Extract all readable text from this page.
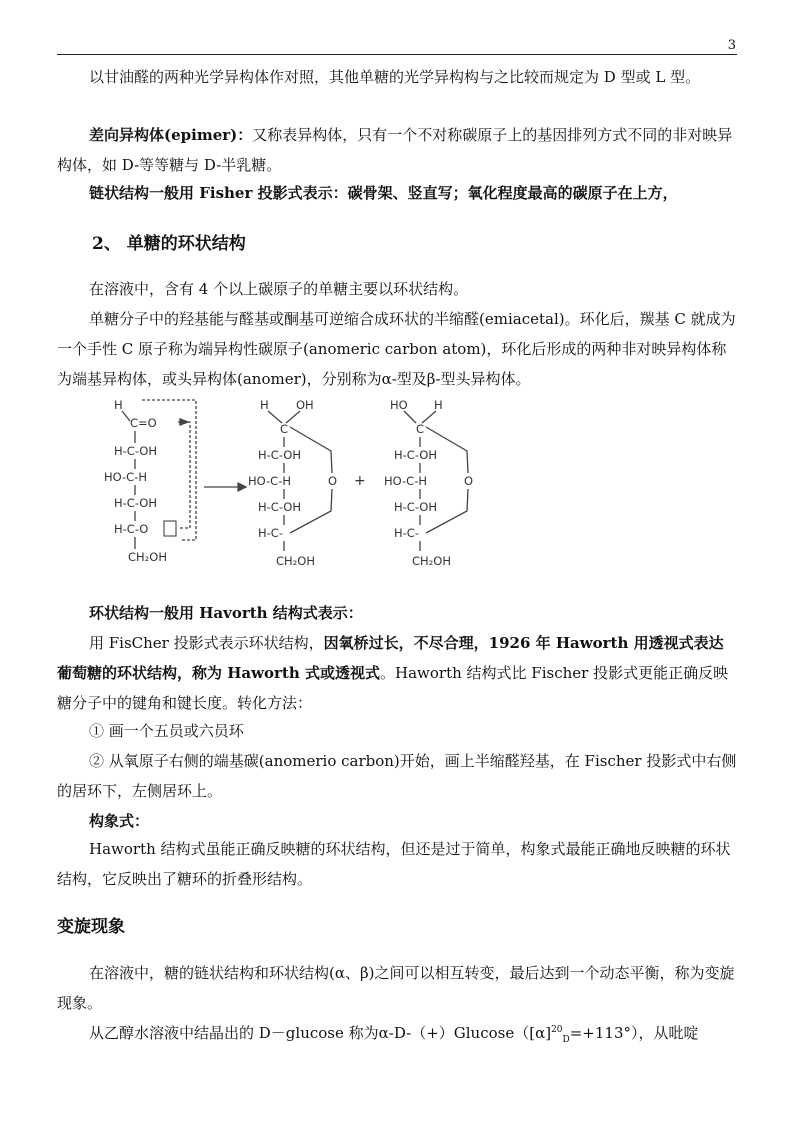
3

以甘油醛的两种光学异构体作对照，其他单糖的光学异构构与之比较而规定为 D 型或 L 型。

差向异构体(epimer)：又称表异构体，只有一个不对称碳原子上的基因排列方式不同的非对映异构体，如 D-等等糖与 D-半乳糖。

链状结构一般用 Fisher 投影式表示：碳骨架、竖直写；氧化程度最高的碳原子在上方，

2、 单糖的环状结构

在溶液中，含有 4 个以上碳原子的单糖主要以环状结构。

单糖分子中的羟基能与醛基或酮基可逆缩合成环状的半缩醛(emiacetal)。环化后，羰基 C 就成为一个手性 C 原子称为端异构性碳原子(anomeric carbon atom)，环化后形成的两种非对映异构体称为端基异构体，或头异构体(anomer)，分别称为α-型及β-型头异构体。

H
C=O
H-C-OH
HO-C-H
H-C-OH
H-C-O
CH₂OH
H OH
C
H-C-OH
HO-C-H
H-C-OH
H-C-
CH₂OH
O +
HO H
C
H-C-OH
HO-C-H
H-C-OH
H-C-
CH₂OH
O

环状结构一般用 Havorth 结构式表示：

用 FisCher 投影式表示环状结构，因氧桥过长，不尽合理，1926 年 Haworth 用透视式表达葡萄糖的环状结构，称为 Haworth 式或透视式。Haworth 结构式比 Fischer 投影式更能正确反映糖分子中的键角和键长度。转化方法：

① 画一个五员或六员环

② 从氧原子右侧的端基碳(anomerio carbon)开始，画上半缩醛羟基，在 Fischer 投影式中右侧的居环下，左侧居环上。

构象式：

Haworth 结构式虽能正确反映糖的环状结构，但还是过于简单，构象式最能正确地反映糖的环状结构，它反映出了糖环的折叠形结构。

变旋现象

在溶液中，糖的链状结构和环状结构(α、β)之间可以相互转变，最后达到一个动态平衡，称为变旋现象。

从乙醇水溶液中结晶出的 D－glucose 称为$\alpha-D-(+)Glucose([\alpha]^{20}_D=+113^\circ)$，从吡啶
